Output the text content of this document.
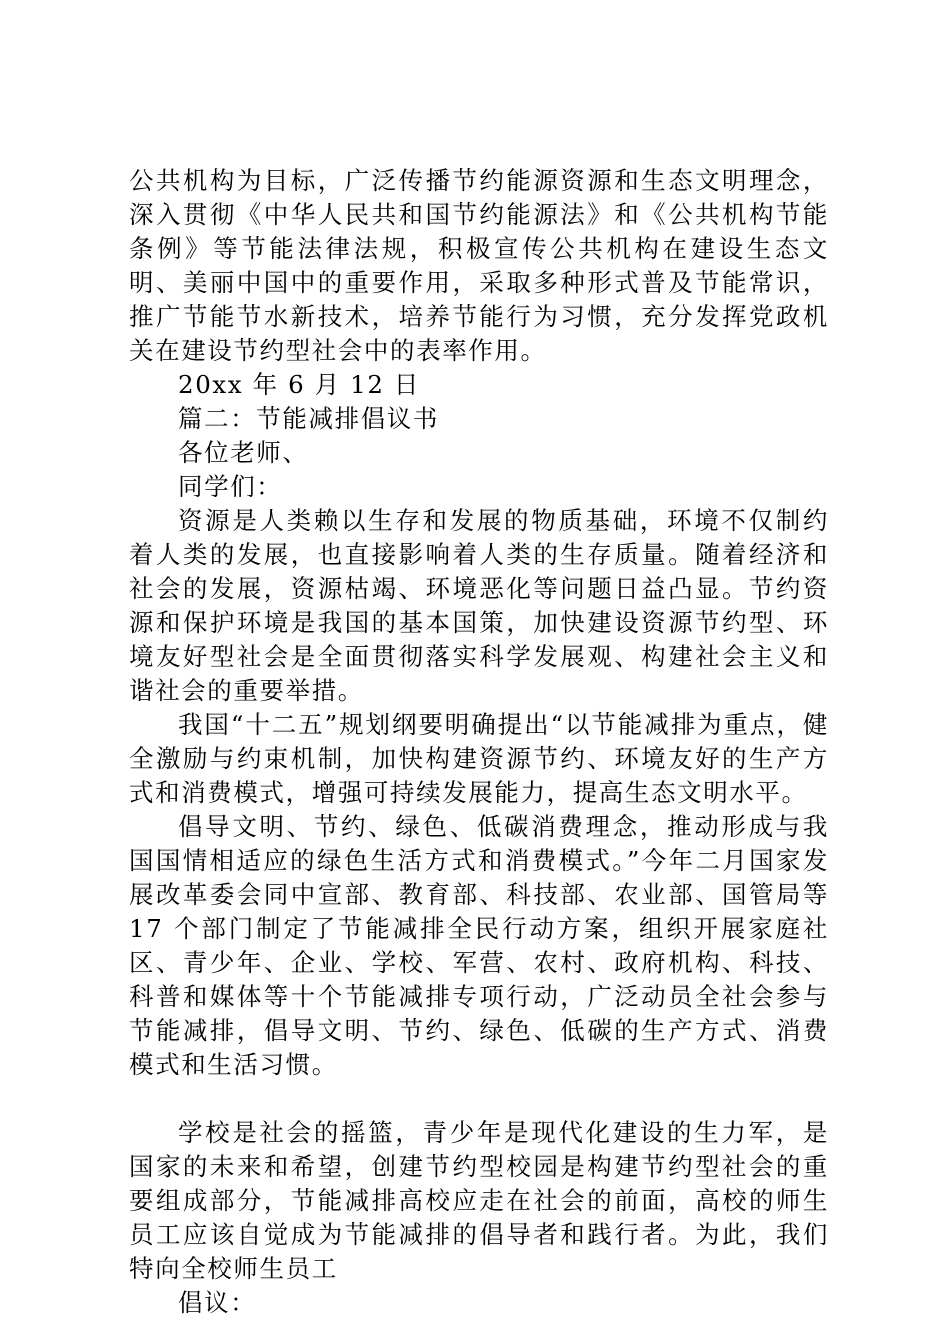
公共机构为目标，广泛传播节约能源资源和生态文明理念，深入贯彻《中华人民共和国节约能源法》和《公共机构节能条例》等节能法律法规，积极宣传公共机构在建设生态文明、美丽中国中的重要作用，采取多种形式普及节能常识，推广节能节水新技术，培养节能行为习惯，充分发挥党政机关在建设节约型社会中的表率作用。

20xx 年 6 月 12 日

篇二：节能减排倡议书

各位老师、

同学们：

资源是人类赖以生存和发展的物质基础，环境不仅制约着人类的发展，也直接影响着人类的生存质量。随着经济和社会的发展，资源枯竭、环境恶化等问题日益凸显。节约资源和保护环境是我国的基本国策，加快建设资源节约型、环境友好型社会是全面贯彻落实科学发展观、构建社会主义和谐社会的重要举措。

我国“十二五”规划纲要明确提出“以节能减排为重点，健全激励与约束机制，加快构建资源节约、环境友好的生产方式和消费模式，增强可持续发展能力，提高生态文明水平。

倡导文明、节约、绿色、低碳消费理念，推动形成与我国国情相适应的绿色生活方式和消费模式。”今年二月国家发展改革委会同中宣部、教育部、科技部、农业部、国管局等 17 个部门制定了节能减排全民行动方案，组织开展家庭社区、青少年、企业、学校、军营、农村、政府机构、科技、科普和媒体等十个节能减排专项行动，广泛动员全社会参与节能减排，倡导文明、节约、绿色、低碳的生产方式、消费模式和生活习惯。

学校是社会的摇篮，青少年是现代化建设的生力军，是国家的未来和希望，创建节约型校园是构建节约型社会的重要组成部分，节能减排高校应走在社会的前面，高校的师生员工应该自觉成为节能减排的倡导者和践行者。为此，我们特向全校师生员工

倡议：
